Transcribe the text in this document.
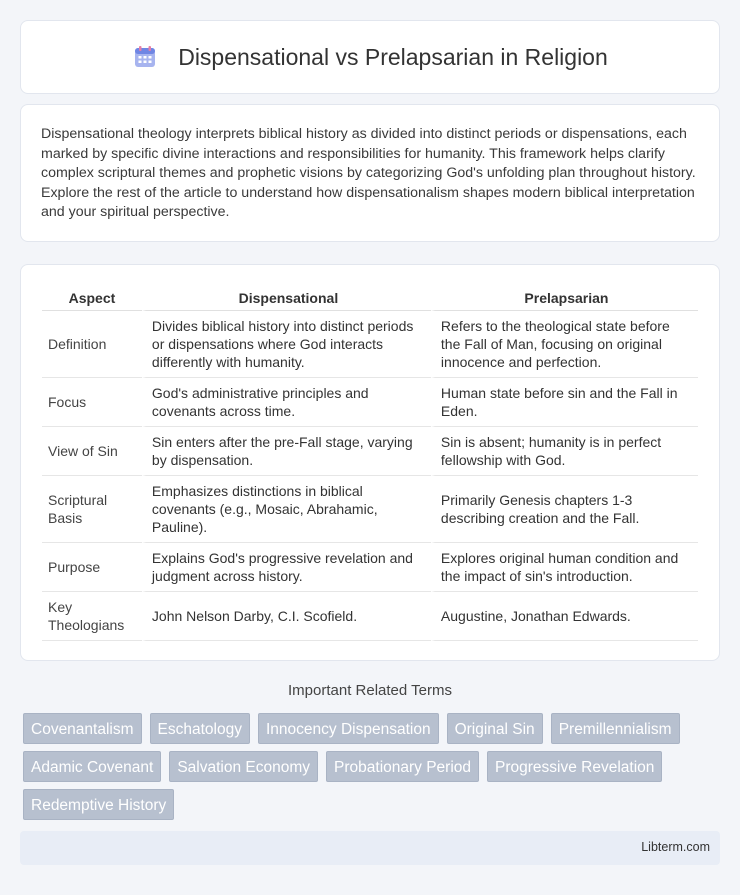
Dispensational vs Prelapsarian in Religion

Dispensational theology interprets biblical history as divided into distinct periods or dispensations, each marked by specific divine interactions and responsibilities for humanity. This framework helps clarify complex scriptural themes and prophetic visions by categorizing God's unfolding plan throughout history. Explore the rest of the article to understand how dispensationalism shapes modern biblical interpretation and your spiritual perspective.

Aspect	Dispensational	Prelapsarian
Definition	Divides biblical history into distinct periods or dispensations where God interacts differently with humanity.	Refers to the theological state before the Fall of Man, focusing on original innocence and perfection.
Focus	God's administrative principles and covenants across time.	Human state before sin and the Fall in Eden.
View of Sin	Sin enters after the pre-Fall stage, varying by dispensation.	Sin is absent; humanity is in perfect fellowship with God.
Scriptural Basis	Emphasizes distinctions in biblical covenants (e.g., Mosaic, Abrahamic, Pauline).	Primarily Genesis chapters 1-3 describing creation and the Fall.
Purpose	Explains God's progressive revelation and judgment across history.	Explores original human condition and the impact of sin's introduction.
Key Theologians	John Nelson Darby, C.I. Scofield.	Augustine, Jonathan Edwards.
Important Related Terms
Covenantalism	Eschatology	Innocency Dispensation	Original Sin	Premillennialism
Adamic Covenant	Salvation Economy	Probationary Period	Progressive Revelation
Redemptive History
Libterm.com
